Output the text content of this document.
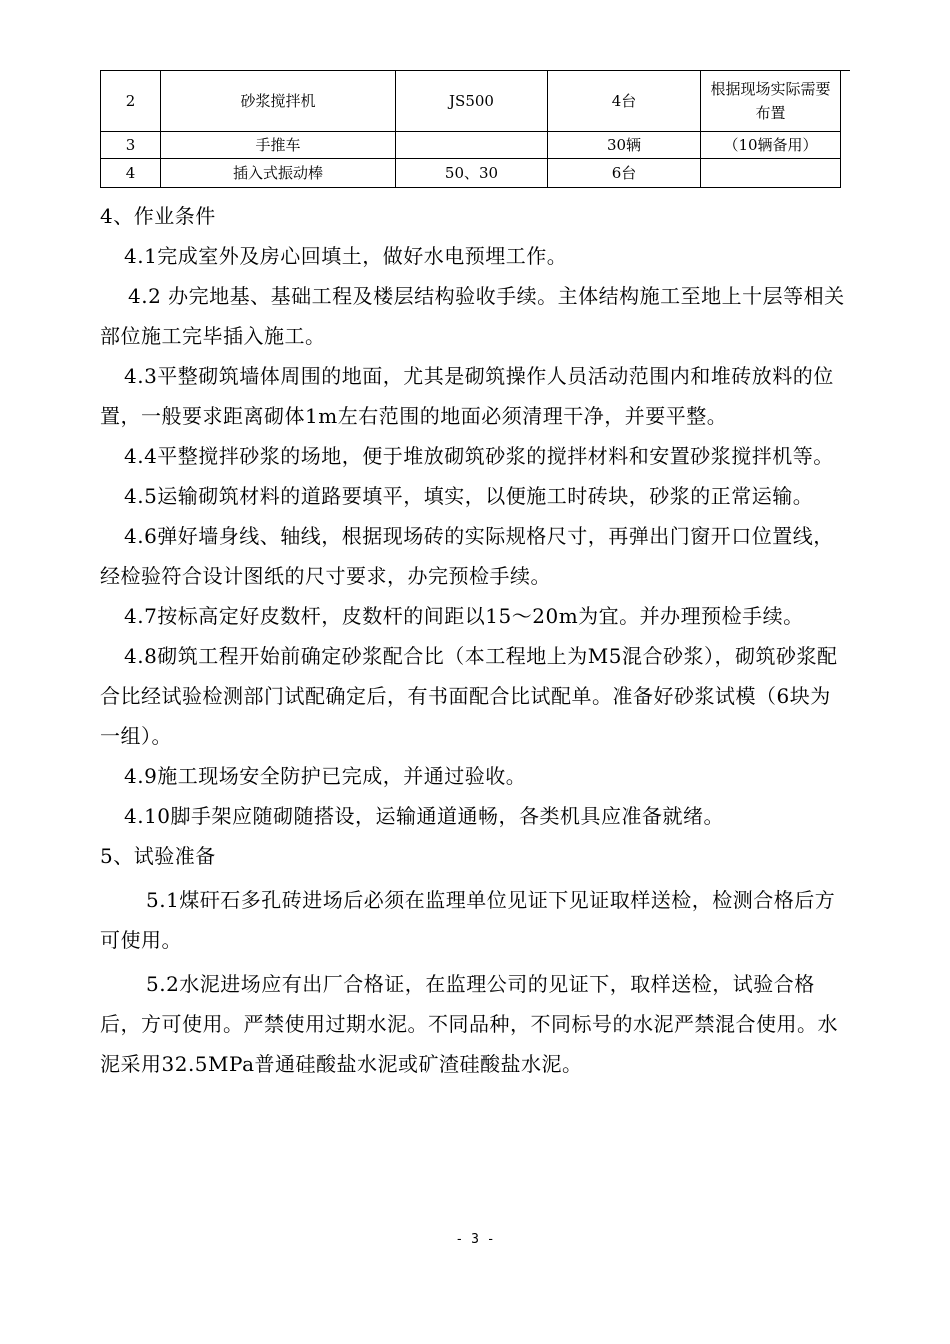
2	砂浆搅拌机	JS500	4台	根据现场实际需要布置
3	手推车		30辆	（10辆备用）
4	插入式振动棒	50、30	6台	

4、作业条件

4.1完成室外及房心回填土，做好水电预埋工作。

4.2 办完地基、基础工程及楼层结构验收手续。主体结构施工至地上十层等相关部位施工完毕插入施工。

4.3平整砌筑墙体周围的地面，尤其是砌筑操作人员活动范围内和堆砖放料的位置，一般要求距离砌体1m左右范围的地面必须清理干净，并要平整。

4.4平整搅拌砂浆的场地，便于堆放砌筑砂浆的搅拌材料和安置砂浆搅拌机等。

4.5运输砌筑材料的道路要填平，填实，以便施工时砖块，砂浆的正常运输。

4.6弹好墙身线、轴线，根据现场砖的实际规格尺寸，再弹出门窗开口位置线，经检验符合设计图纸的尺寸要求，办完预检手续。

4.7按标高定好皮数杆，皮数杆的间距以15～20m为宜。并办理预检手续。

4.8砌筑工程开始前确定砂浆配合比（本工程地上为M5混合砂浆），砌筑砂浆配合比经试验检测部门试配确定后，有书面配合比试配单。准备好砂浆试模（6块为一组）。

4.9施工现场安全防护已完成，并通过验收。

4.10脚手架应随砌随搭设，运输通道通畅，各类机具应准备就绪。

5、试验准备

5.1煤矸石多孔砖进场后必须在监理单位见证下见证取样送检，检测合格后方可使用。

5.2水泥进场应有出厂合格证，在监理公司的见证下，取样送检，试验合格后，方可使用。严禁使用过期水泥。不同品种，不同标号的水泥严禁混合使用。水泥采用32.5MPa普通硅酸盐水泥或矿渣硅酸盐水泥。

- 3 -
